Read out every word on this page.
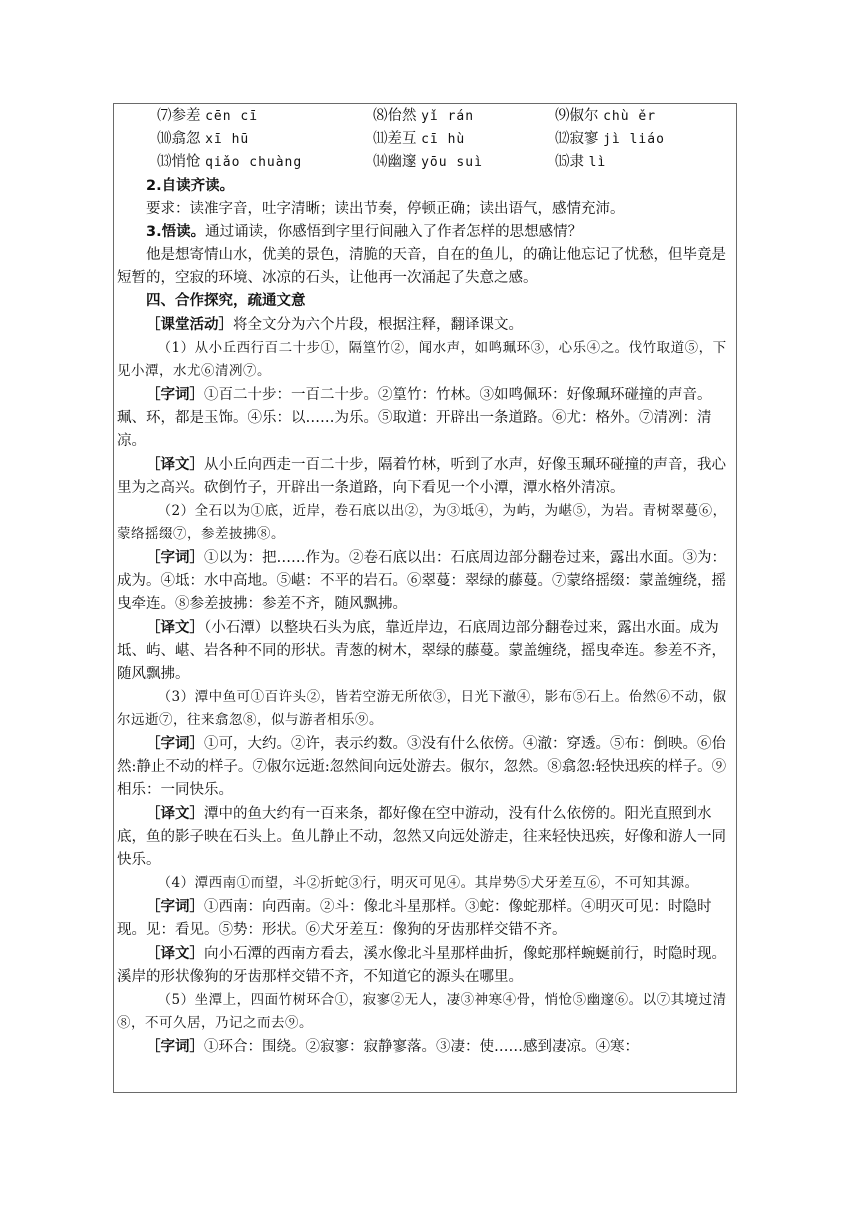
⑺参差 cēn cī	⑻佁然 yǐ rán	⑼俶尔 chù ěr
⑽翕忽 xī hū	⑾差互 cī hù	⑿寂寥 jì liáo
⒀悄怆 qiǎo chuàng	⒁幽邃 yōu suì	⒂隶 lì

2.自读齐读。

要求：读准字音，吐字清晰；读出节奏，停顿正确；读出语气，感情充沛。

3.悟读。通过诵读，你感悟到字里行间融入了作者怎样的思想感情？

他是想寄情山水，优美的景色，清脆的天音，自在的鱼儿，的确让他忘记了忧愁，但毕竟是短暂的，空寂的环境、冰凉的石头，让他再一次涌起了失意之感。

四、合作探究，疏通文意

［课堂活动］将全文分为六个片段，根据注释，翻译课文。

（1）从小丘西行百二十步①，隔篁竹②，闻水声，如鸣珮环③，心乐④之。伐竹取道⑤，下见小潭，水尤⑥清冽⑦。

［字词］①百二十步：一百二十步。②篁竹：竹林。③如鸣佩环：好像珮环碰撞的声音。珮、环，都是玉饰。④乐：以……为乐。⑤取道：开辟出一条道路。⑥尤：格外。⑦清冽：清凉。

［译文］从小丘向西走一百二十步，隔着竹林，听到了水声，好像玉珮环碰撞的声音，我心里为之高兴。砍倒竹子，开辟出一条道路，向下看见一个小潭，潭水格外清凉。

（2）全石以为①底，近岸，卷石底以出②，为③坻④，为屿，为嵁⑤，为岩。青树翠蔓⑥，蒙络摇缀⑦，参差披拂⑧。

［字词］①以为：把……作为。②卷石底以出：石底周边部分翻卷过来，露出水面。③为：成为。④坻：水中高地。⑤嵁：不平的岩石。⑥翠蔓：翠绿的藤蔓。⑦蒙络摇缀：蒙盖缠绕，摇曳牵连。⑧参差披拂：参差不齐，随风飘拂。

［译文］（小石潭）以整块石头为底，靠近岸边，石底周边部分翻卷过来，露出水面。成为坻、屿、嵁、岩各种不同的形状。青葱的树木，翠绿的藤蔓。蒙盖缠绕，摇曳牵连。参差不齐，随风飘拂。

（3）潭中鱼可①百许头②，皆若空游无所依③，日光下澈④，影布⑤石上。佁然⑥不动，俶尔远逝⑦，往来翕忽⑧，似与游者相乐⑨。

［字词］①可，大约。②许，表示约数。③没有什么依傍。④澈：穿透。⑤布：倒映。⑥佁然:静止不动的样子。⑦俶尔远逝:忽然间向远处游去。俶尔，忽然。⑧翕忽:轻快迅疾的样子。⑨相乐：一同快乐。

［译文］潭中的鱼大约有一百来条，都好像在空中游动，没有什么依傍的。阳光直照到水底，鱼的影子映在石头上。鱼儿静止不动，忽然又向远处游走，往来轻快迅疾，好像和游人一同快乐。

（4）潭西南①而望，斗②折蛇③行，明灭可见④。其岸势⑤犬牙差互⑥，不可知其源。

［字词］①西南：向西南。②斗：像北斗星那样。③蛇：像蛇那样。④明灭可见：时隐时现。见：看见。⑤势：形状。⑥犬牙差互：像狗的牙齿那样交错不齐。

［译文］向小石潭的西南方看去，溪水像北斗星那样曲折，像蛇那样蜿蜒前行，时隐时现。溪岸的形状像狗的牙齿那样交错不齐，不知道它的源头在哪里。

（5）坐潭上，四面竹树环合①，寂寥②无人，凄③神寒④骨，悄怆⑤幽邃⑥。以⑦其境过清⑧，不可久居，乃记之而去⑨。

［字词］①环合：围绕。②寂寥：寂静寥落。③凄：使……感到凄凉。④寒：
